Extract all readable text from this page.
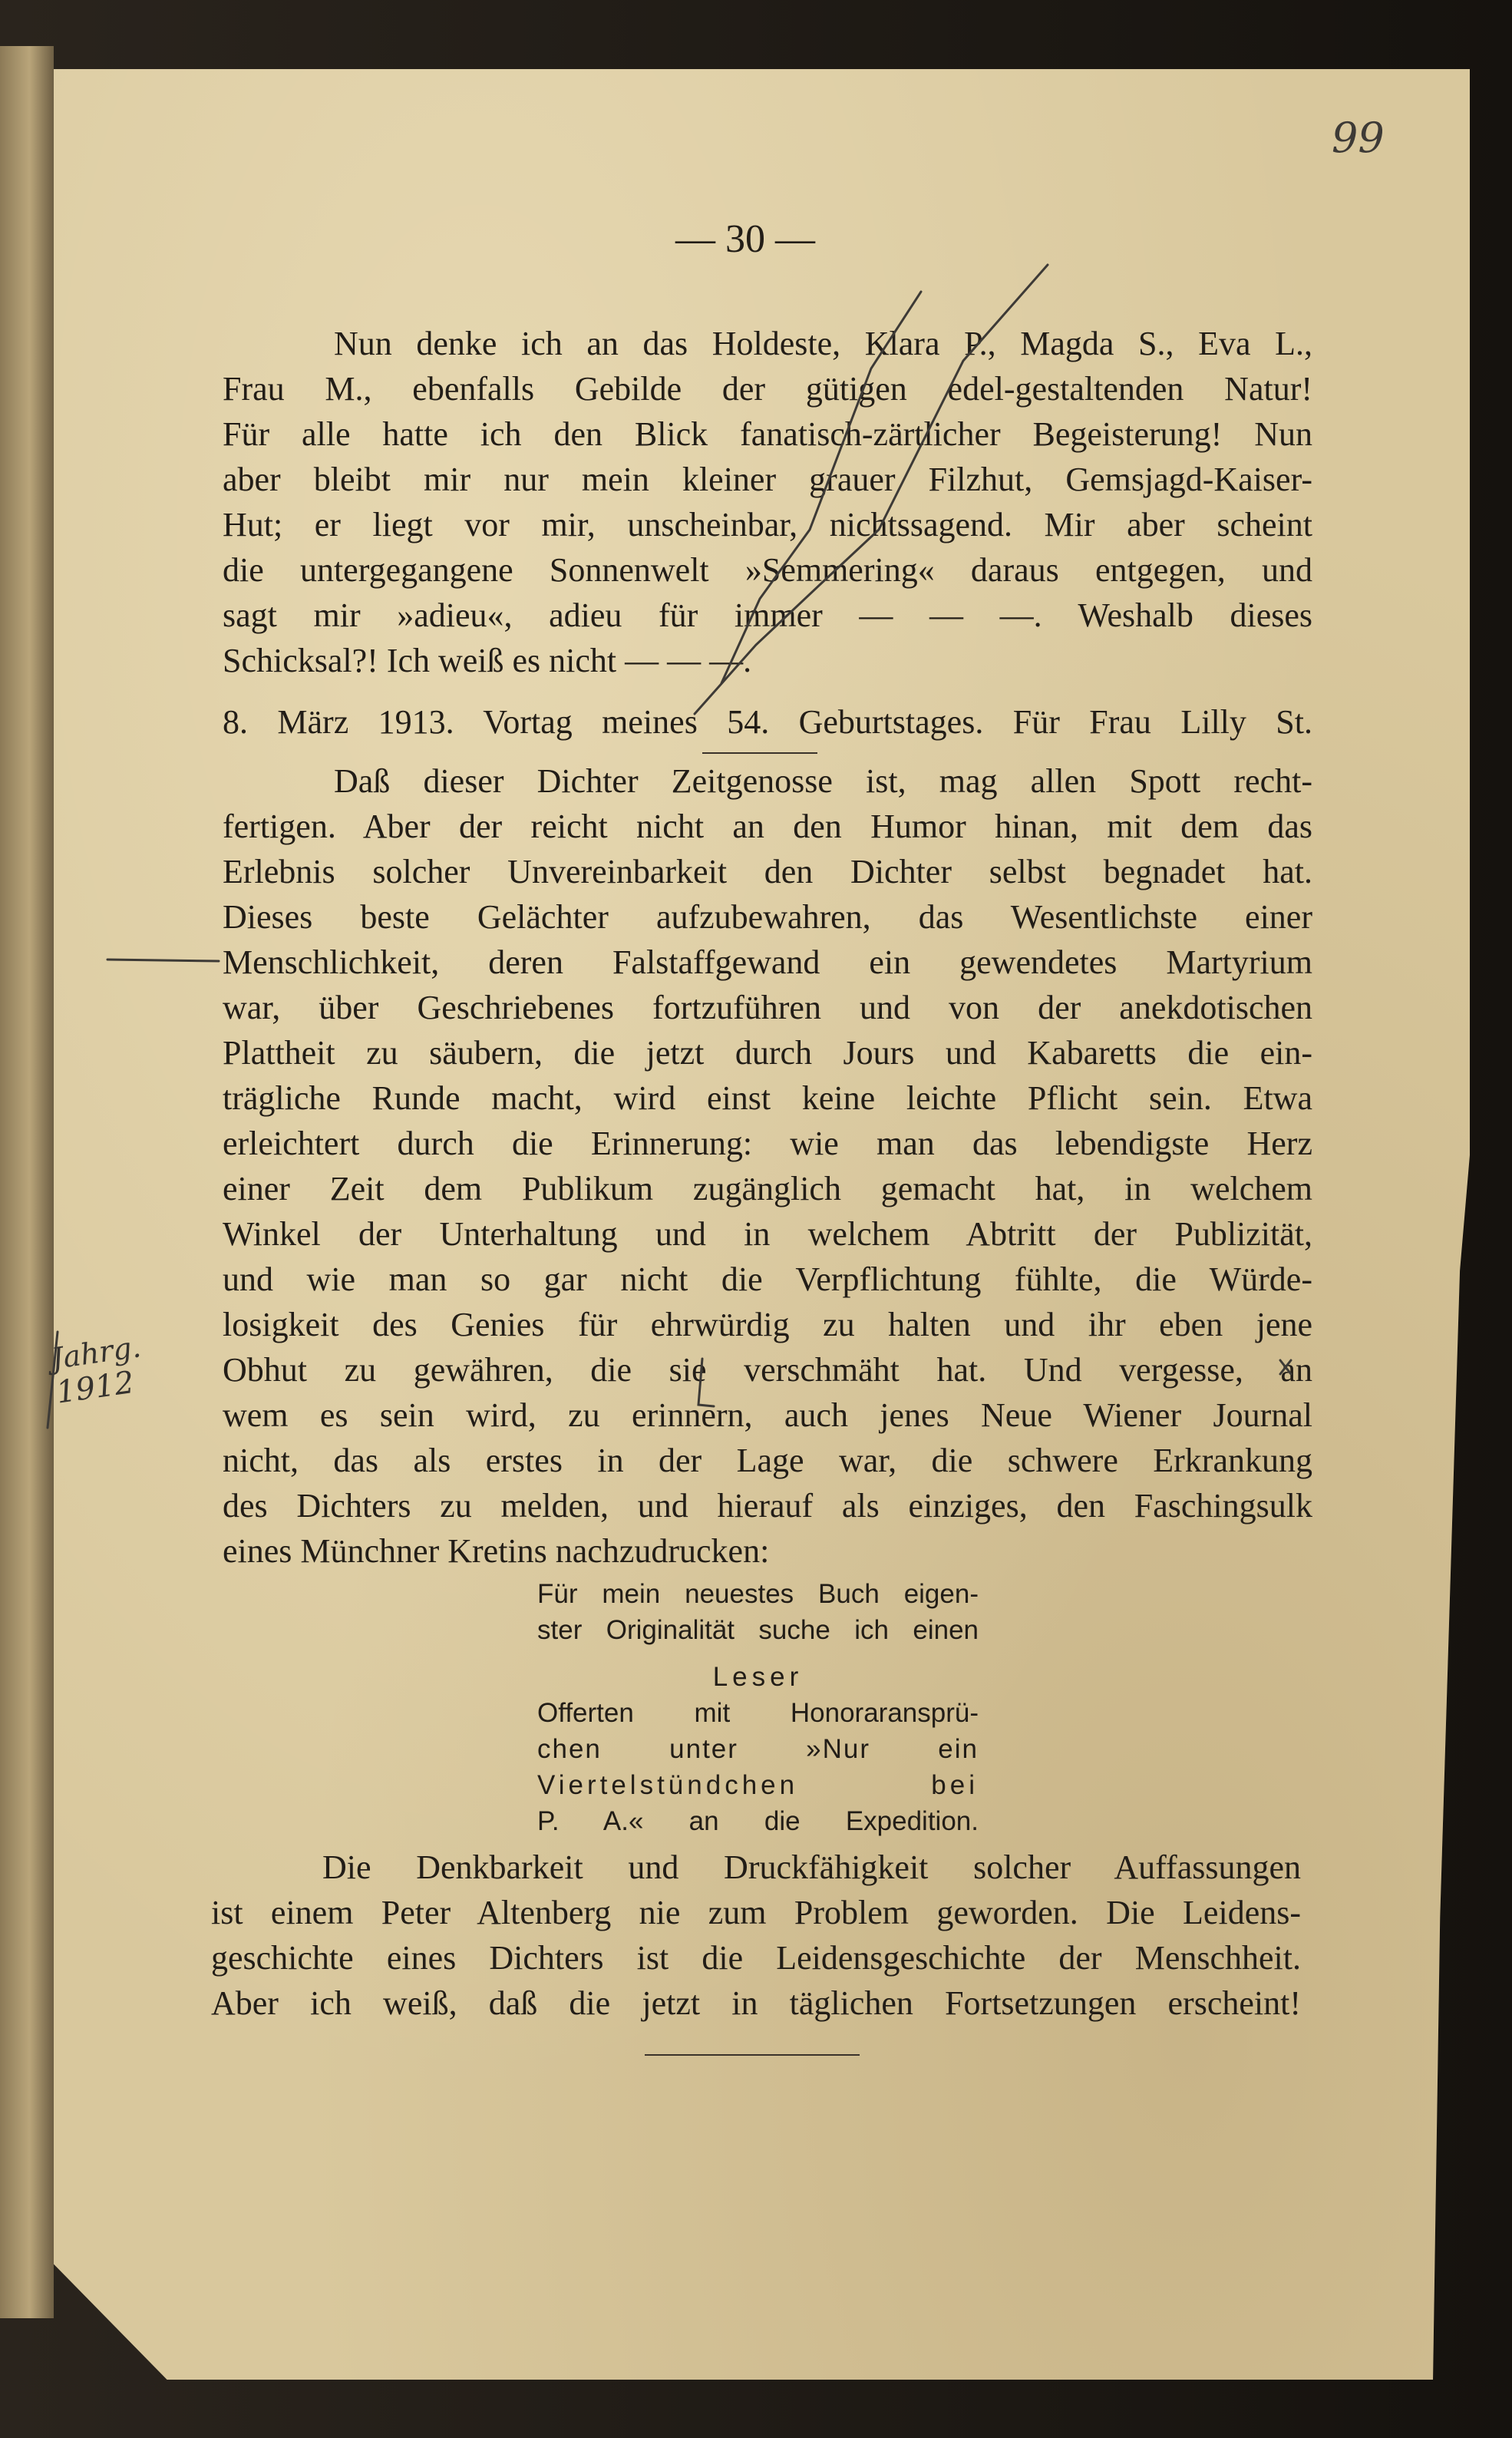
99
— 30 —
Nun denke ich an das Holdeste, Klara P., Magda S., Eva L.,
Frau M., ebenfalls Gebilde der gütigen edel-gestaltenden Natur!
Für alle hatte ich den Blick fanatisch-zärtlicher Begeisterung! Nun
aber bleibt mir nur mein kleiner grauer Filzhut, Gemsjagd-Kaiser-
Hut; er liegt vor mir, unscheinbar, nichtssagend. Mir aber scheint
die untergegangene Sonnenwelt »Semmering« daraus entgegen, und
sagt mir »adieu«, adieu für immer — — —. Weshalb dieses
Schicksal?! Ich weiß es nicht — — —.
8. März 1913. Vortag meines 54. Geburtstages. Für Frau Lilly St.
Daß dieser Dichter Zeitgenosse ist, mag allen Spott recht-
fertigen. Aber der reicht nicht an den Humor hinan, mit dem das
Erlebnis solcher Unvereinbarkeit den Dichter selbst begnadet hat.
Dieses beste Gelächter aufzubewahren, das Wesentlichste einer
Menschlichkeit, deren Falstaffgewand ein gewendetes Martyrium
war, über Geschriebenes fortzuführen und von der anekdotischen
Plattheit zu säubern, die jetzt durch Jours und Kabaretts die ein-
trägliche Runde macht, wird einst keine leichte Pflicht sein. Etwa
erleichtert durch die Erinnerung: wie man das lebendigste Herz
einer Zeit dem Publikum zugänglich gemacht hat, in welchem
Winkel der Unterhaltung und in welchem Abtritt der Publizität,
und wie man so gar nicht die Verpflichtung fühlte, die Würde-
losigkeit des Genies für ehrwürdig zu halten und ihr eben jene
Obhut zu gewähren, die sie verschmäht hat. Und vergesse, an
wem es sein wird, zu erinnern, auch jenes Neue Wiener Journal
nicht, das als erstes in der Lage war, die schwere Erkrankung
des Dichters zu melden, und hierauf als einziges, den Faschingsulk
eines Münchner Kretins nachzudrucken:
Für mein neuestes Buch eigen-
ster Originalität suche ich einen
Leser
Offerten mit Honoraransprü-
chen unter »Nur ein
Viertelstündchen bei
P. A.« an die Expedition.
Die Denkbarkeit und Druckfähigkeit solcher Auffassungen
ist einem Peter Altenberg nie zum Problem geworden. Die Leidens-
geschichte eines Dichters ist die Leidensgeschichte der Menschheit.
Aber ich weiß, daß die jetzt in täglichen Fortsetzungen erscheint!
Jahrg.
1912
